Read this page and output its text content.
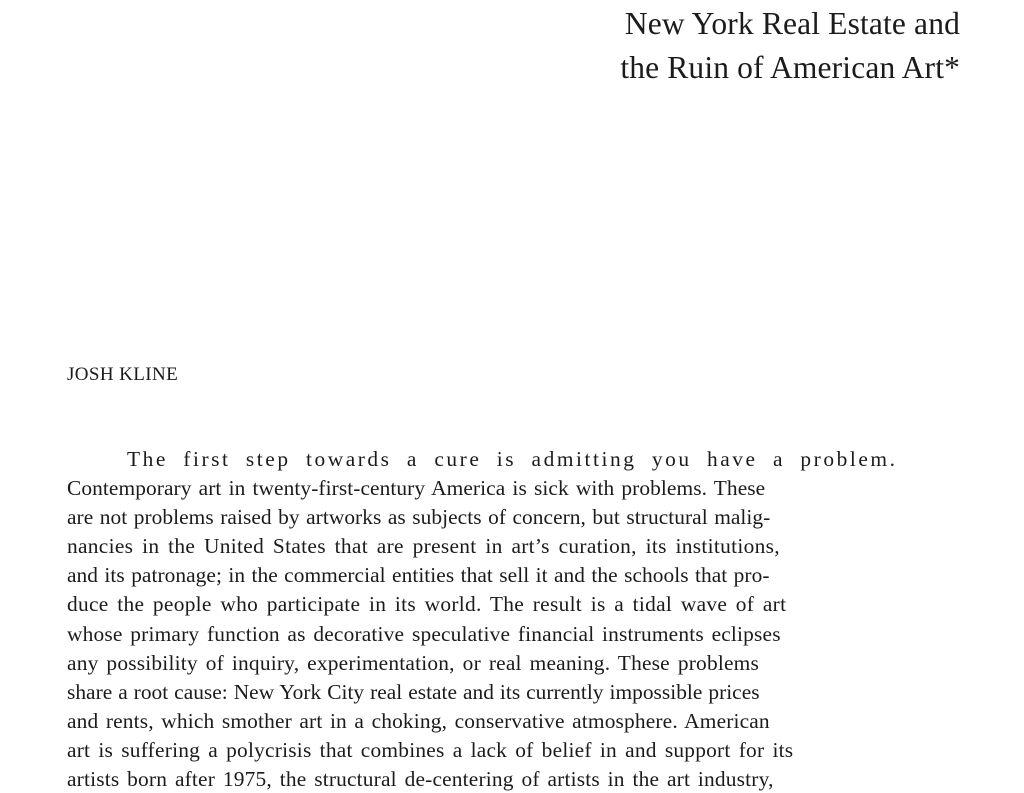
New York Real Estate and
the Ruin of American Art*
JOSH KLINE
The first step towards a cure is admitting you have a problem.
Contemporary art in twenty-first-century America is sick with problems. These
are not problems raised by artworks as subjects of concern, but structural malig-
nancies in the United States that are present in art’s curation, its institutions,
and its patronage; in the commercial entities that sell it and the schools that pro-
duce the people who participate in its world. The result is a tidal wave of art
whose primary function as decorative speculative financial instruments eclipses
any possibility of inquiry, experimentation, or real meaning. These problems
share a root cause: New York City real estate and its currently impossible prices
and rents, which smother art in a choking, conservative atmosphere. American
art is suffering a polycrisis that combines a lack of belief in and support for its
artists born after 1975, the structural de-centering of artists in the art industry,
